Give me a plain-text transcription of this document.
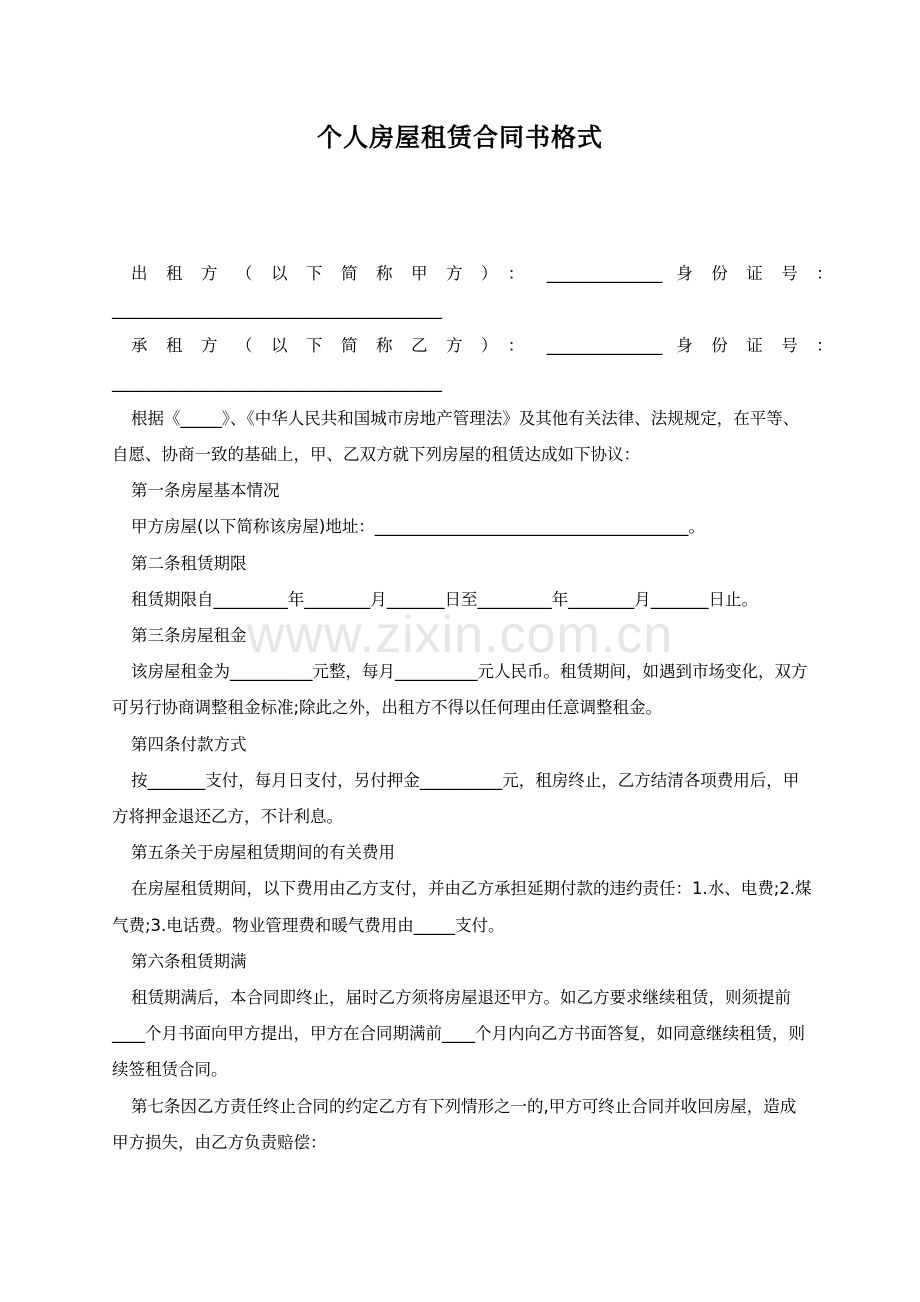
www.zixin.com.cn
个人房屋租赁合同书格式
出租方（以下简称甲方）： ______________ 身份证号：
________________________________________
承租方（以下简称乙方）： ______________ 身份证号：
________________________________________

根据《_____》、《中华人民共和国城市房地产管理法》及其他有关法律、法规规定，在平等、自愿、协商一致的基础上，甲、乙双方就下列房屋的租赁达成如下协议：

第一条房屋基本情况

甲方房屋(以下简称该房屋)地址：______________________________________。

第二条租赁期限

租赁期限自_________年________月_______日至_________年________月_______日止。

第三条房屋租金

该房屋租金为__________元整，每月__________元人民币。租赁期间，如遇到市场变化，双方可另行协商调整租金标准;除此之外，出租方不得以任何理由任意调整租金。

第四条付款方式

按_______支付，每月日支付，另付押金__________元，租房终止，乙方结清各项费用后，甲方将押金退还乙方，不计利息。

第五条关于房屋租赁期间的有关费用

在房屋租赁期间，以下费用由乙方支付，并由乙方承担延期付款的违约责任：1.水、电费;2.煤气费;3.电话费。物业管理费和暖气费用由_____支付。

第六条租赁期满

租赁期满后，本合同即终止，届时乙方须将房屋退还甲方。如乙方要求继续租赁，则须提前____个月书面向甲方提出，甲方在合同期满前____个月内向乙方书面答复，如同意继续租赁，则续签租赁合同。

第七条因乙方责任终止合同的约定乙方有下列情形之一的,甲方可终止合同并收回房屋，造成甲方损失，由乙方负责赔偿：
